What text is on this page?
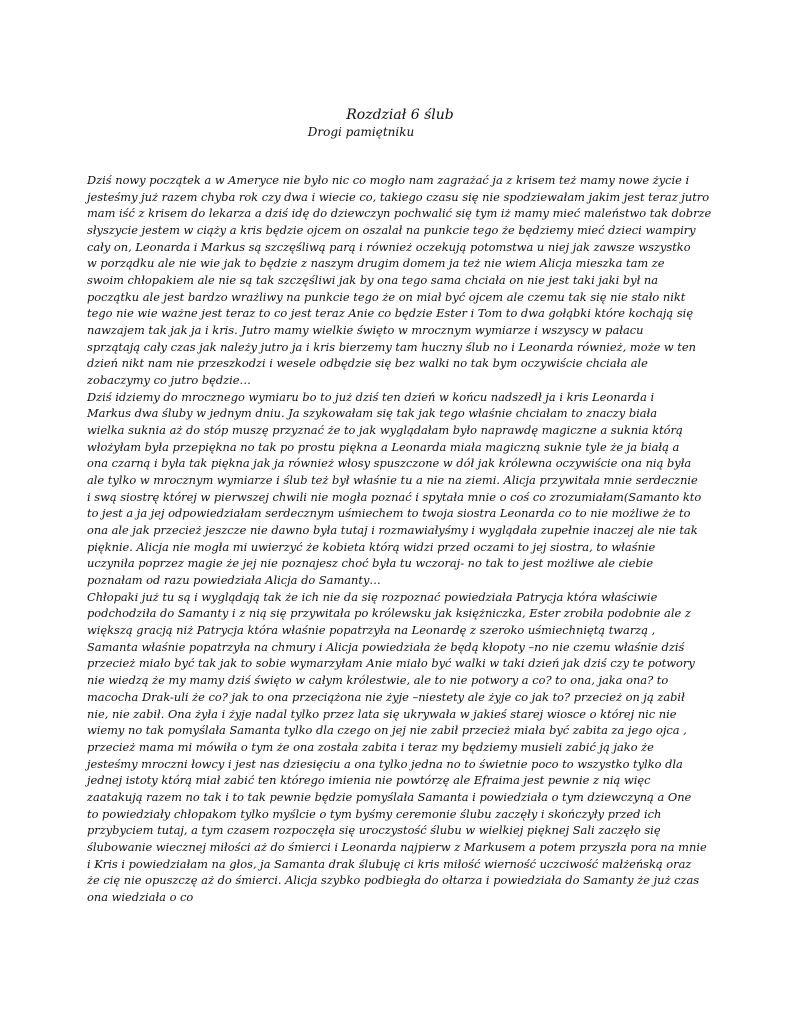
Rozdział 6 ślub
Drogi pamiętniku
Dziś nowy początek a w Ameryce nie było nic co mogło nam zagrażać ja z krisem też mamy nowe życie i
jesteśmy już razem chyba rok czy dwa i wiecie co, takiego czasu się nie spodziewałam jakim jest teraz jutro
mam iść z krisem do lekarza a dziś idę do dziewczyn pochwalić się tym iż mamy mieć maleństwo tak dobrze
słyszycie jestem w ciąży a kris będzie ojcem on oszalał na punkcie tego że będziemy mieć dzieci wampiry
cały on, Leonarda i Markus są szczęśliwą parą i również oczekują potomstwa u niej jak zawsze wszystko
w porządku ale nie wie jak to będzie z naszym drugim domem ja też nie wiem Alicja mieszka tam ze
swoim chłopakiem ale nie są tak szczęśliwi jak by ona tego sama chciała on nie jest taki jaki był na
początku ale jest bardzo wrażliwy na punkcie tego że on miał być ojcem ale czemu tak się nie stało nikt
tego nie wie ważne jest teraz to co jest teraz Anie co będzie Ester i Tom to dwa gołąbki które kochają się
nawzajem tak jak ja i kris. Jutro mamy wielkie święto w mrocznym wymiarze i wszyscy w pałacu
sprzątają cały czas jak należy jutro ja i kris bierzemy tam huczny ślub no i Leonarda również, może w ten
dzień nikt nam nie przeszkodzi i wesele odbędzie się bez walki no tak bym oczywiście chciała ale
zobaczymy co jutro będzie…
Dziś idziemy do mrocznego wymiaru bo to już dziś ten dzień w końcu nadszedł ja i kris Leonarda i
Markus dwa śluby w jednym dniu. Ja szykowałam się tak jak tego właśnie chciałam to znaczy biała
wielka suknia aż do stóp muszę przyznać że to jak wyglądałam było naprawdę magiczne a suknia którą
włożyłam była przepiękna no tak po prostu piękna a Leonarda miała magiczną suknie tyle że ja białą a
ona czarną i była tak piękna jak ja również włosy spuszczone w dół jak królewna oczywiście ona nią była
ale tylko w mrocznym wymiarze i ślub też był właśnie tu a nie na ziemi. Alicja przywitała mnie serdecznie
i swą siostrę której w pierwszej chwili nie mogła poznać i spytała mnie o coś co zrozumiałam(Samanto kto
to jest a ja jej odpowiedziałam serdecznym uśmiechem to twoja siostra Leonarda co to nie możliwe że to
ona ale jak przecież jeszcze nie dawno była tutaj i rozmawiałyśmy i wyglądała zupełnie inaczej ale nie tak
pięknie. Alicja nie mogła mi uwierzyć że kobieta którą widzi przed oczami to jej siostra, to właśnie
uczyniła poprzez magie że jej nie poznajesz choć była tu wczoraj- no tak to jest możliwe ale ciebie
poznałam od razu powiedziała Alicja do Samanty…
Chłopaki już tu są i wyglądają tak że ich nie da się rozpoznać powiedziała Patrycja która właściwie
podchodziła do Samanty i z nią się przywitała po królewsku jak księżniczka, Ester zrobiła podobnie ale z
większą gracją niż Patrycja która właśnie popatrzyła na Leonardę z szeroko uśmiechniętą twarzą ,
Samanta właśnie popatrzyła na chmury i Alicja powiedziała że będą kłopoty –no nie czemu właśnie dziś
przecież miało być tak jak to sobie wymarzyłam Anie miało być walki w taki dzień jak dziś czy te potwory
nie wiedzą że my mamy dziś święto w całym królestwie, ale to nie potwory a co? to ona, jaka ona? to
macocha Drak-uli że co? jak to ona przeciążona nie żyje –niestety ale żyje co jak to? przecież on ją zabił
nie, nie zabił. Ona żyła i żyje nadal tylko przez lata się ukrywała w jakieś starej wiosce o której nic nie
wiemy no tak pomyślała Samanta tylko dla czego on jej nie zabił przecież miała być zabita za jego ojca ,
przecież mama mi mówiła o tym że ona została zabita i teraz my będziemy musieli zabić ją jako że
jesteśmy mroczni łowcy i jest nas dziesięciu a ona tylko jedna no to świetnie poco to wszystko tylko dla
jednej istoty którą miał zabić ten którego imienia nie powtórzę ale Efraima jest pewnie z nią więc
zaatakują razem no tak i to tak pewnie będzie pomyślała Samanta i powiedziała o tym dziewczyną a One
to powiedziały chłopakom tylko myślcie o tym byśmy ceremonie ślubu zaczęły i skończyły przed ich
przybyciem tutaj, a tym czasem rozpoczęła się uroczystość ślubu w wielkiej pięknej Sali zaczęło się
ślubowanie wiecznej miłości aż do śmierci i Leonarda najpierw z Markusem a potem przyszła pora na mnie
i Kris i powiedziałam na głos, ja Samanta drak ślubuję ci kris miłość wierność uczciwość małżeńską oraz
że cię nie opuszczę aż do śmierci. Alicja szybko podbiegła do ołtarza i powiedziała do Samanty że już czas
ona wiedziała o co
